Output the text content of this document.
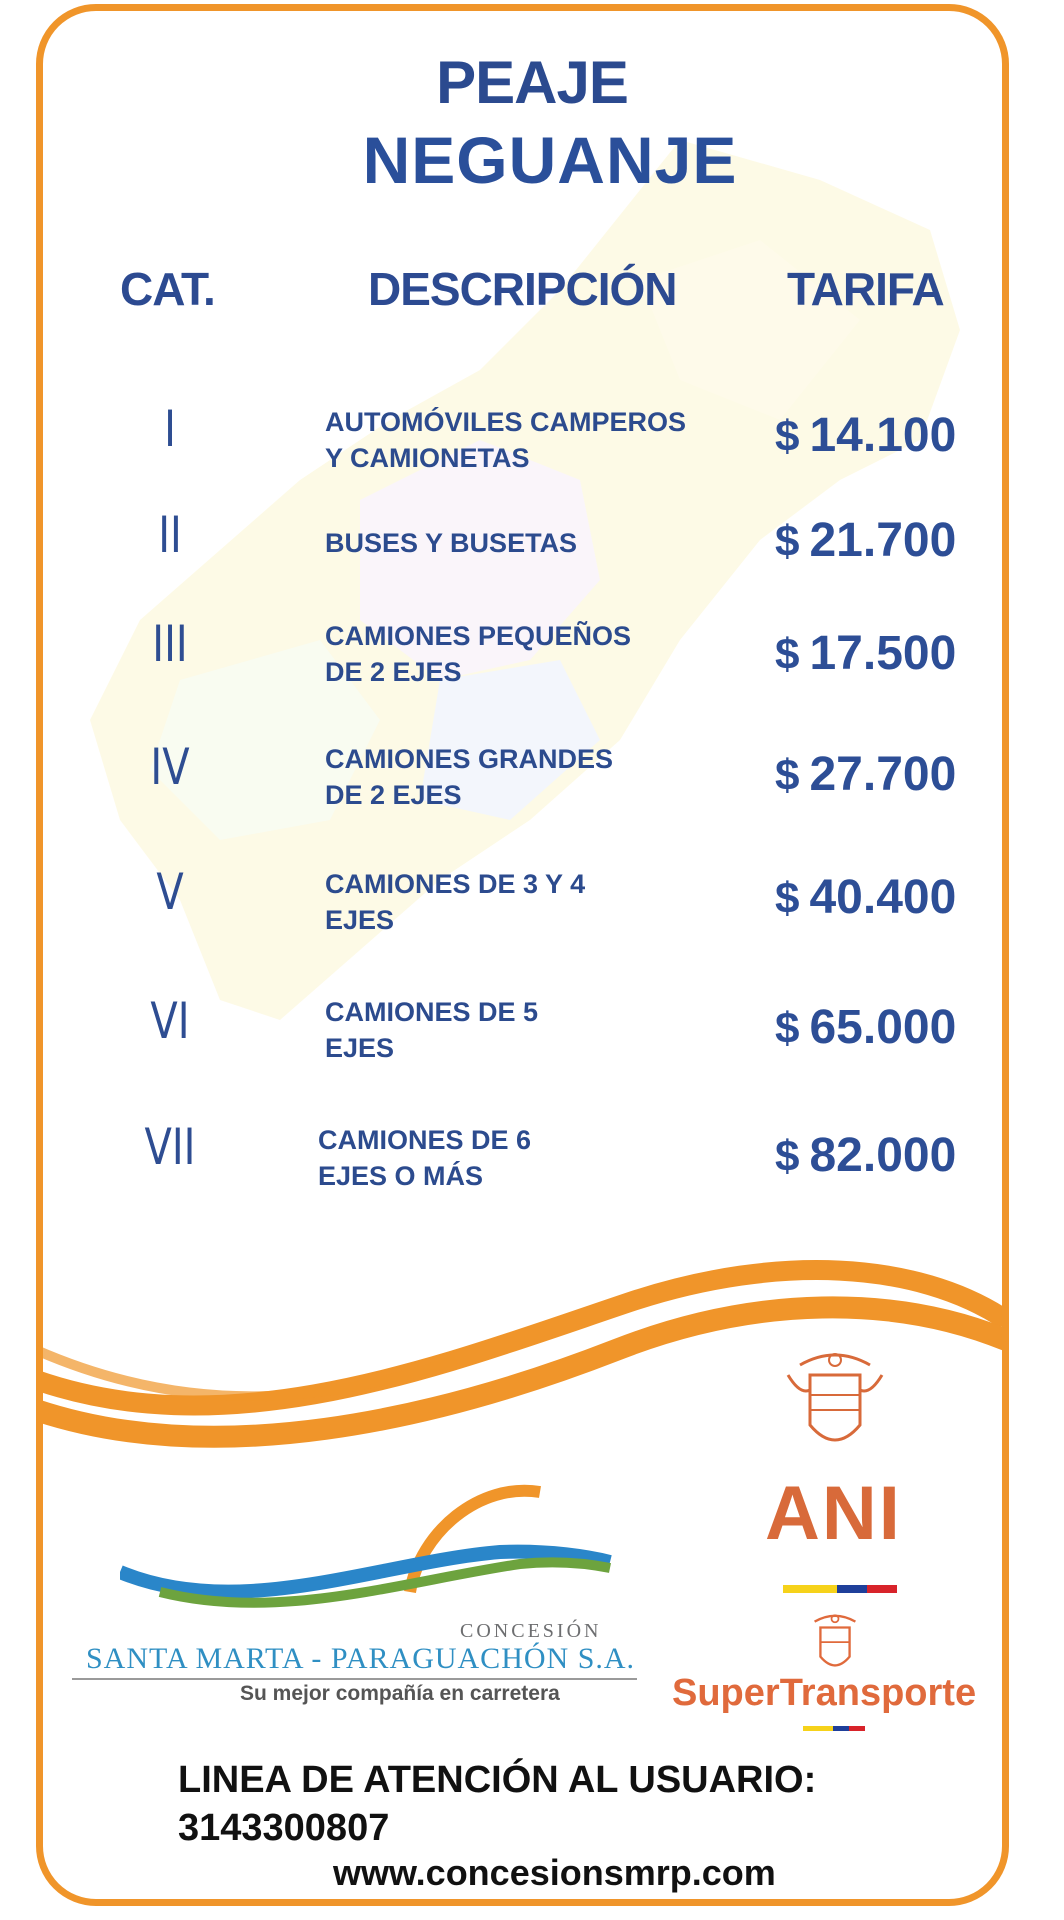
PEAJE
NEGUANJE
CAT.	DESCRIPCIÓN TARIFA
I	AUTOMÓVILES CAMPEROS
Y CAMIONETAS	$ 14.100
II	BUSES Y BUSETAS	$ 21.700
III	CAMIONES PEQUEÑOS
DE 2 EJES	$ 17.500
IV	CAMIONES GRANDES
DE 2 EJES	$ 27.700
V	CAMIONES DE 3 Y 4
EJES	$ 40.400
VI	CAMIONES DE 5
EJES	$ 65.000
VII	CAMIONES DE 6
EJES O MÁS	$ 82.000
CONCESIÓN
SANTA MARTA - PARAGUACHÓN S.A.
Su mejor compañía en carretera
ANI
SuperTransporte
LINEA DE ATENCIÓN AL USUARIO:
3143300807
www.concesionsmrp.com
